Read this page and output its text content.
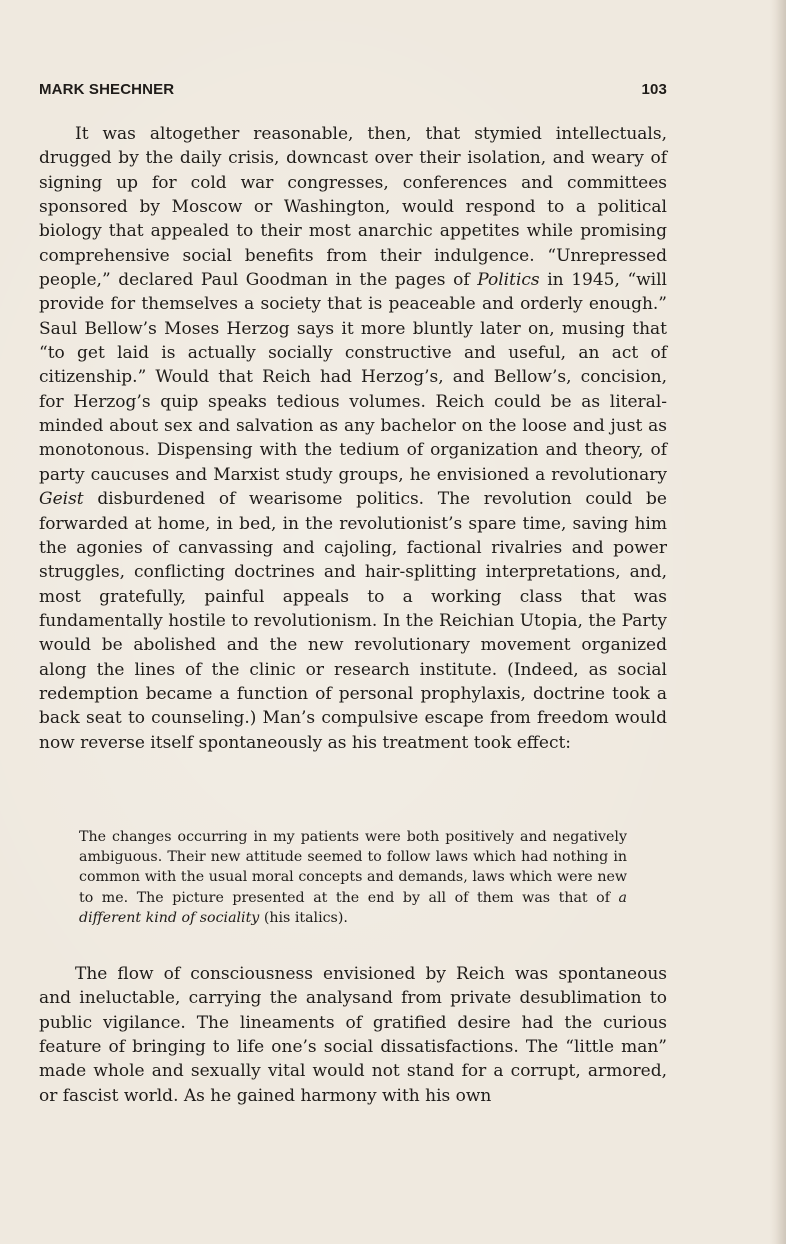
MARK SHECHNER	103

It was altogether reasonable, then, that stymied intellectuals, drugged by the daily crisis, downcast over their isolation, and weary of signing up for cold war congresses, conferences and committees sponsored by Moscow or Washington, would respond to a political biology that appealed to their most anarchic appetites while promising comprehensive social benefits from their indulgence. “Unrepressed people,” declared Paul Goodman in the pages of Politics in 1945, “will provide for themselves a society that is peaceable and orderly enough.” Saul Bellow’s Moses Herzog says it more bluntly later on, musing that “to get laid is actually socially constructive and useful, an act of citizenship.” Would that Reich had Herzog’s, and Bellow’s, concision, for Herzog’s quip speaks tedious volumes. Reich could be as literal-minded about sex and salvation as any bachelor on the loose and just as monotonous. Dispensing with the tedium of organization and theory, of party caucuses and Marxist study groups, he envisioned a revolutionary Geist disburdened of wearisome politics. The revolution could be forwarded at home, in bed, in the revolutionist’s spare time, saving him the agonies of canvassing and cajoling, factional rivalries and power struggles, conflicting doctrines and hair-splitting interpretations, and, most gratefully, painful appeals to a working class that was fundamentally hostile to revolutionism. In the Reichian Utopia, the Party would be abolished and the new revolutionary movement organized along the lines of the clinic or research institute. (Indeed, as social redemption became a function of personal prophylaxis, doctrine took a back seat to counseling.) Man’s compulsive escape from freedom would now reverse itself spontaneously as his treatment took effect:

The changes occurring in my patients were both positively and negatively ambiguous. Their new attitude seemed to follow laws which had nothing in common with the usual moral concepts and demands, laws which were new to me. The picture presented at the end by all of them was that of a different kind of sociality (his italics).

The flow of consciousness envisioned by Reich was spontaneous and ineluctable, carrying the analysand from private desublimation to public vigilance. The lineaments of gratified desire had the curious feature of bringing to life one’s social dissatisfactions. The “little man” made whole and sexually vital would not stand for a corrupt, armored, or fascist world. As he gained harmony with his own
